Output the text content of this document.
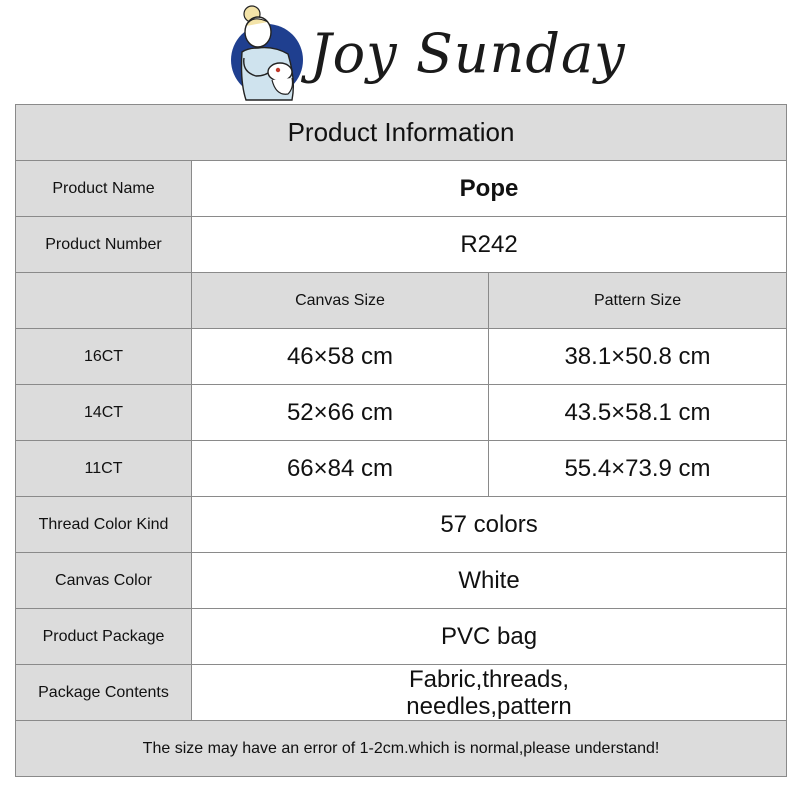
Joy Sunday
Product Information		
Product Name	Pope	
Product Number	R242	
	Canvas Size	Pattern Size
16CT	46×58 cm	38.1×50.8 cm
14CT	52×66 cm	43.5×58.1 cm
11CT	66×84 cm	55.4×73.9 cm
Thread Color Kind	57 colors	
Canvas Color	White	
Product Package	PVC bag	
Package Contents	Fabric,threads,
needles,pattern	
The size may have an error of 1-2cm.which is normal,please understand!		
